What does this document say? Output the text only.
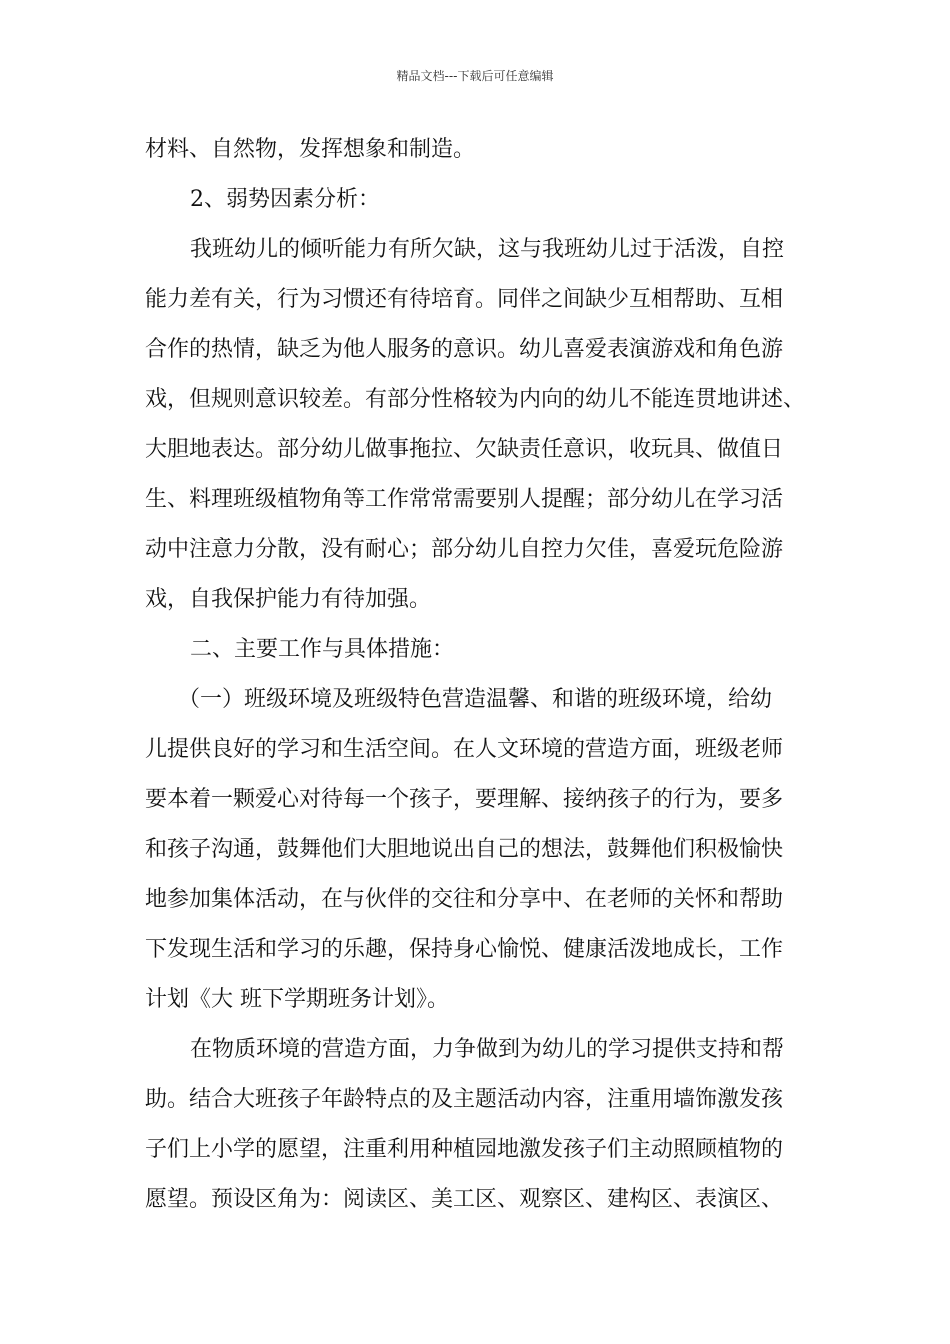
精品文档---下载后可任意编辑
材料、自然物，发挥想象和制造。
2、弱势因素分析：
我班幼儿的倾听能力有所欠缺，这与我班幼儿过于活泼，自控
能力差有关，行为习惯还有待培育。同伴之间缺少互相帮助、互相
合作的热情，缺乏为他人服务的意识。幼儿喜爱表演游戏和角色游
戏，但规则意识较差。有部分性格较为内向的幼儿不能连贯地讲述、
大胆地表达。部分幼儿做事拖拉、欠缺责任意识，收玩具、做值日
生、料理班级植物角等工作常常需要别人提醒；部分幼儿在学习活
动中注意力分散，没有耐心；部分幼儿自控力欠佳，喜爱玩危险游
戏，自我保护能力有待加强。
二、主要工作与具体措施：
（一）班级环境及班级特色营造温馨、和谐的班级环境，给幼
儿提供良好的学习和生活空间。在人文环境的营造方面，班级老师
要本着一颗爱心对待每一个孩子，要理解、接纳孩子的行为，要多
和孩子沟通，鼓舞他们大胆地说出自己的想法，鼓舞他们积极愉快
地参加集体活动，在与伙伴的交往和分享中、在老师的关怀和帮助
下发现生活和学习的乐趣，保持身心愉悦、健康活泼地成长，工作
计划《大 班下学期班务计划》。
在物质环境的营造方面，力争做到为幼儿的学习提供支持和帮
助。结合大班孩子年龄特点的及主题活动内容，注重用墙饰激发孩
子们上小学的愿望，注重利用种植园地激发孩子们主动照顾植物的
愿望。预设区角为：阅读区、美工区、观察区、建构区、表演区、
